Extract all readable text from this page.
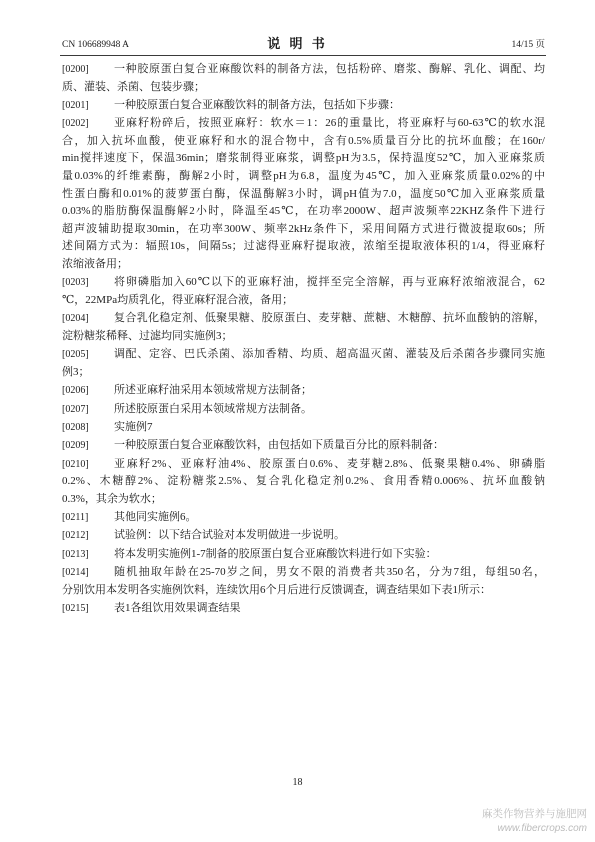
CN 106689948 A	说 明 书	14/15 页
[0200]	一种胶原蛋白复合亚麻酸饮料的制备方法，包括粉碎、磨浆、酶解、乳化、调配、均
质、灌装、杀菌、包装步骤；
[0201]	一种胶原蛋白复合亚麻酸饮料的制备方法，包括如下步骤：
[0202]	亚麻籽粉碎后，按照亚麻籽：软水＝1：26的重量比，将亚麻籽与60-63℃的软水混
合，加入抗坏血酸，使亚麻籽和水的混合物中，含有0.5%质量百分比的抗坏血酸；在160r/
min搅拌速度下，保温36min；磨浆制得亚麻浆，调整pH为3.5，保持温度52℃，加入亚麻浆质
量0.03%的纤维素酶，酶解2小时，调整pH为6.8，温度为45℃，加入亚麻浆质量0.02%的中
性蛋白酶和0.01%的菠萝蛋白酶，保温酶解3小时，调pH值为7.0，温度50℃加入亚麻浆质量
0.03%的脂肪酶保温酶解2小时，降温至45℃，在功率2000W、超声波频率22KHZ条件下进行
超声波辅助提取30min，在功率300W、频率2kHz条件下，采用间隔方式进行微波提取60s；所
述间隔方式为：辐照10s，间隔5s；过滤得亚麻籽提取液，浓缩至提取液体积的1/4，得亚麻籽
浓缩液备用；
[0203]	将卵磷脂加入60℃以下的亚麻籽油，搅拌至完全溶解，再与亚麻籽浓缩液混合，62
℃，22MPa均质乳化，得亚麻籽混合液，备用；
[0204]	复合乳化稳定剂、低聚果糖、胶原蛋白、麦芽糖、蔗糖、木糖醇、抗坏血酸钠的溶解，
淀粉糖浆稀释、过滤均同实施例3；
[0205]	调配、定容、巴氏杀菌、添加香精、均质、超高温灭菌、灌装及后杀菌各步骤同实施
例3；
[0206]	所述亚麻籽油采用本领域常规方法制备；
[0207]	所述胶原蛋白采用本领域常规方法制备。
[0208]	实施例7
[0209]	一种胶原蛋白复合亚麻酸饮料，由包括如下质量百分比的原料制备：
[0210]	亚麻籽2%、亚麻籽油4%、胶原蛋白0.6%、麦芽糖2.8%、低聚果糖0.4%、卵磷脂
0.2%、木糖醇2%、淀粉糖浆2.5%、复合乳化稳定剂0.2%、食用香精0.006%、抗坏血酸钠
0.3%，其余为软水；
[0211]	其他同实施例6。
[0212]	试验例：以下结合试验对本发明做进一步说明。
[0213]	将本发明实施例1-7制备的胶原蛋白复合亚麻酸饮料进行如下实验：
[0214]	随机抽取年龄在25-70岁之间，男女不限的消费者共350名，分为7组，每组50名，
分别饮用本发明各实施例饮料，连续饮用6个月后进行反馈调查，调查结果如下表1所示：
[0215]	表1各组饮用效果调查结果
18
麻类作物营养与施肥网
www.fibercrops.com
